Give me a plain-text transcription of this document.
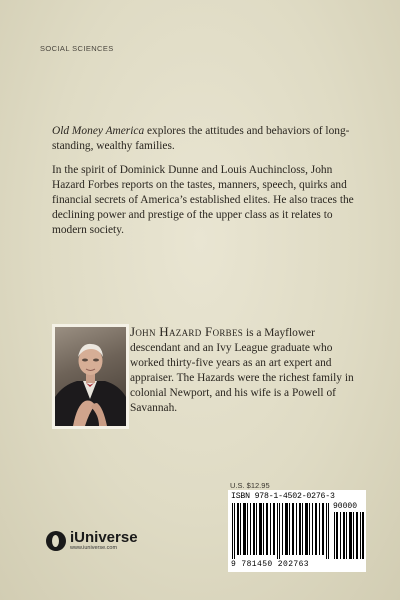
SOCIAL SCIENCES

Old Money America explores the attitudes and behaviors of long-standing, wealthy families.

In the spirit of Dominick Dunne and Louis Auchincloss, John Hazard Forbes reports on the tastes, manners, speech, quirks and financial secrets of America’s established elites. He also traces the declining power and prestige of the upper class as it relates to modern society.

John Hazard Forbes is a Mayflower descendant and an Ivy League graduate who worked thirty-five years as an art expert and appraiser. The Hazards were the richest family in colonial Newport, and his wife is a Powell of Savannah.
U.S. $12.95
ISBN 978-1-4502-0276-3
90000
9 781450 202763
iUniverse
www.iuniverse.com
